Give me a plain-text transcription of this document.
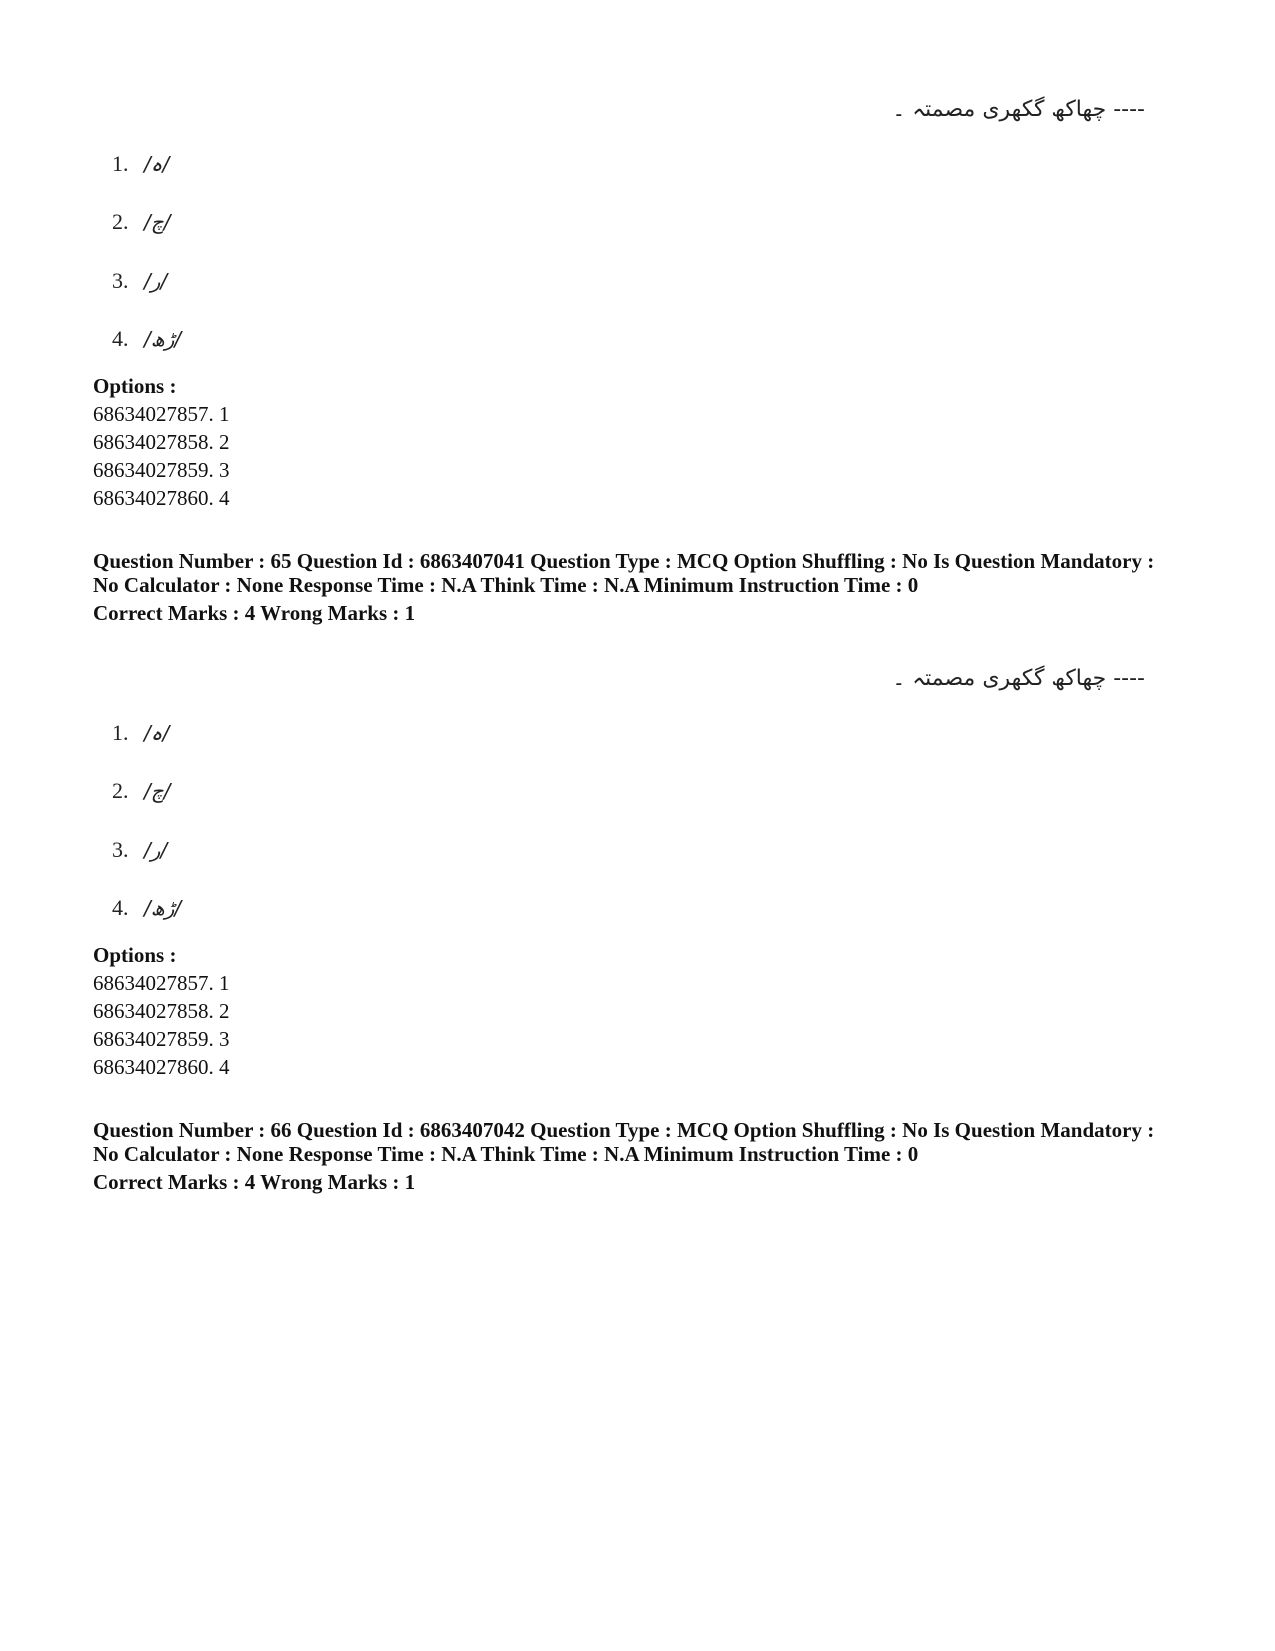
---- چھاکھ گکھری مصمتہ ۔
1. /ہ/
2. /چ/
3. /ر/
4. /ڑھ/
Options :
68634027857. 1
68634027858. 2
68634027859. 3
68634027860. 4
Question Number : 65 Question Id : 6863407041 Question Type : MCQ Option Shuffling : No Is Question Mandatory :
No Calculator : None Response Time : N.A Think Time : N.A Minimum Instruction Time : 0
Correct Marks : 4 Wrong Marks : 1
---- چھاکھ گکھری مصمتہ ۔
1. /ہ/
2. /چ/
3. /ر/
4. /ڑھ/
Options :
68634027857. 1
68634027858. 2
68634027859. 3
68634027860. 4
Question Number : 66 Question Id : 6863407042 Question Type : MCQ Option Shuffling : No Is Question Mandatory :
No Calculator : None Response Time : N.A Think Time : N.A Minimum Instruction Time : 0
Correct Marks : 4 Wrong Marks : 1
